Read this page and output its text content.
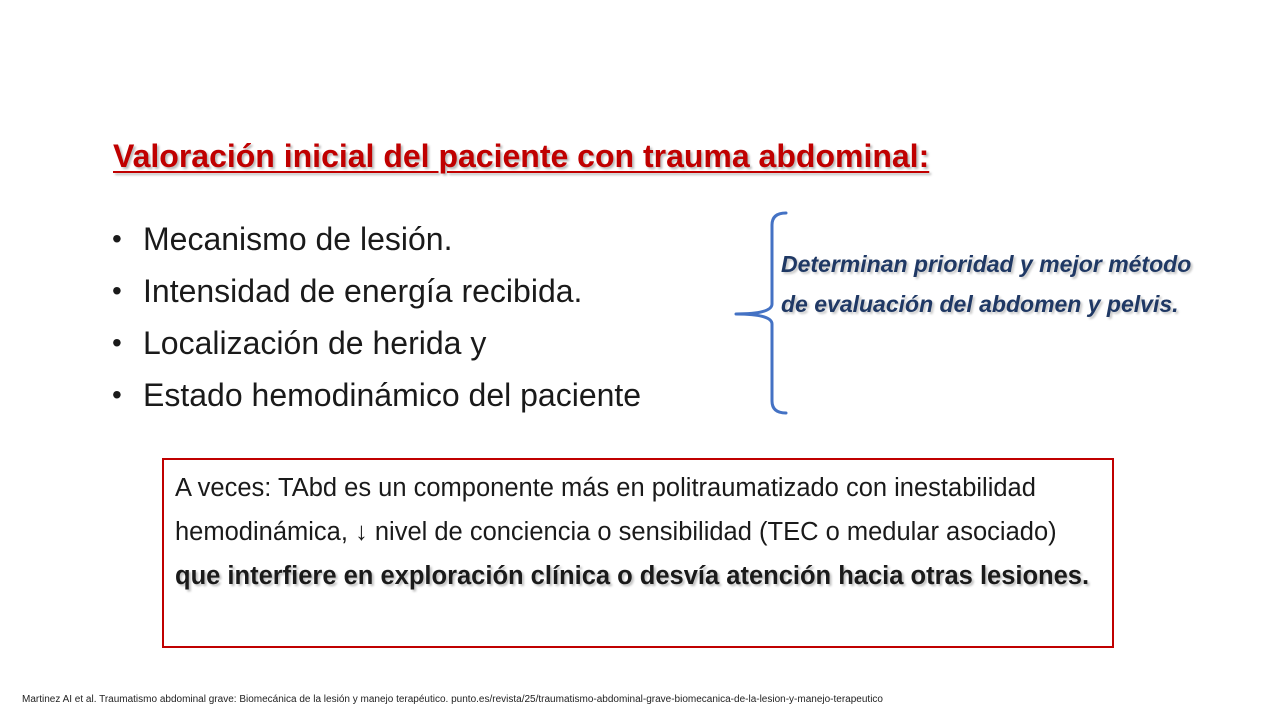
Valoración inicial del paciente con trauma abdominal:
• Mecanismo de lesión.
• Intensidad de energía recibida.
• Localización de herida y
• Estado hemodinámico del paciente

Determinan prioridad y mejor método de evaluación del abdomen y pelvis.

A veces: TAbd es un componente más en politraumatizado con inestabilidad hemodinámica, ↓ nivel de conciencia o sensibilidad (TEC o medular asociado) que interfiere en exploración clínica o desvía atención hacia otras lesiones.

Martinez AI et al. Traumatismo abdominal grave: Biomecánica de la lesión y manejo terapéutico. punto.es/revista/25/traumatismo-abdominal-grave-biomecanica-de-la-lesion-y-manejo-terapeutico
